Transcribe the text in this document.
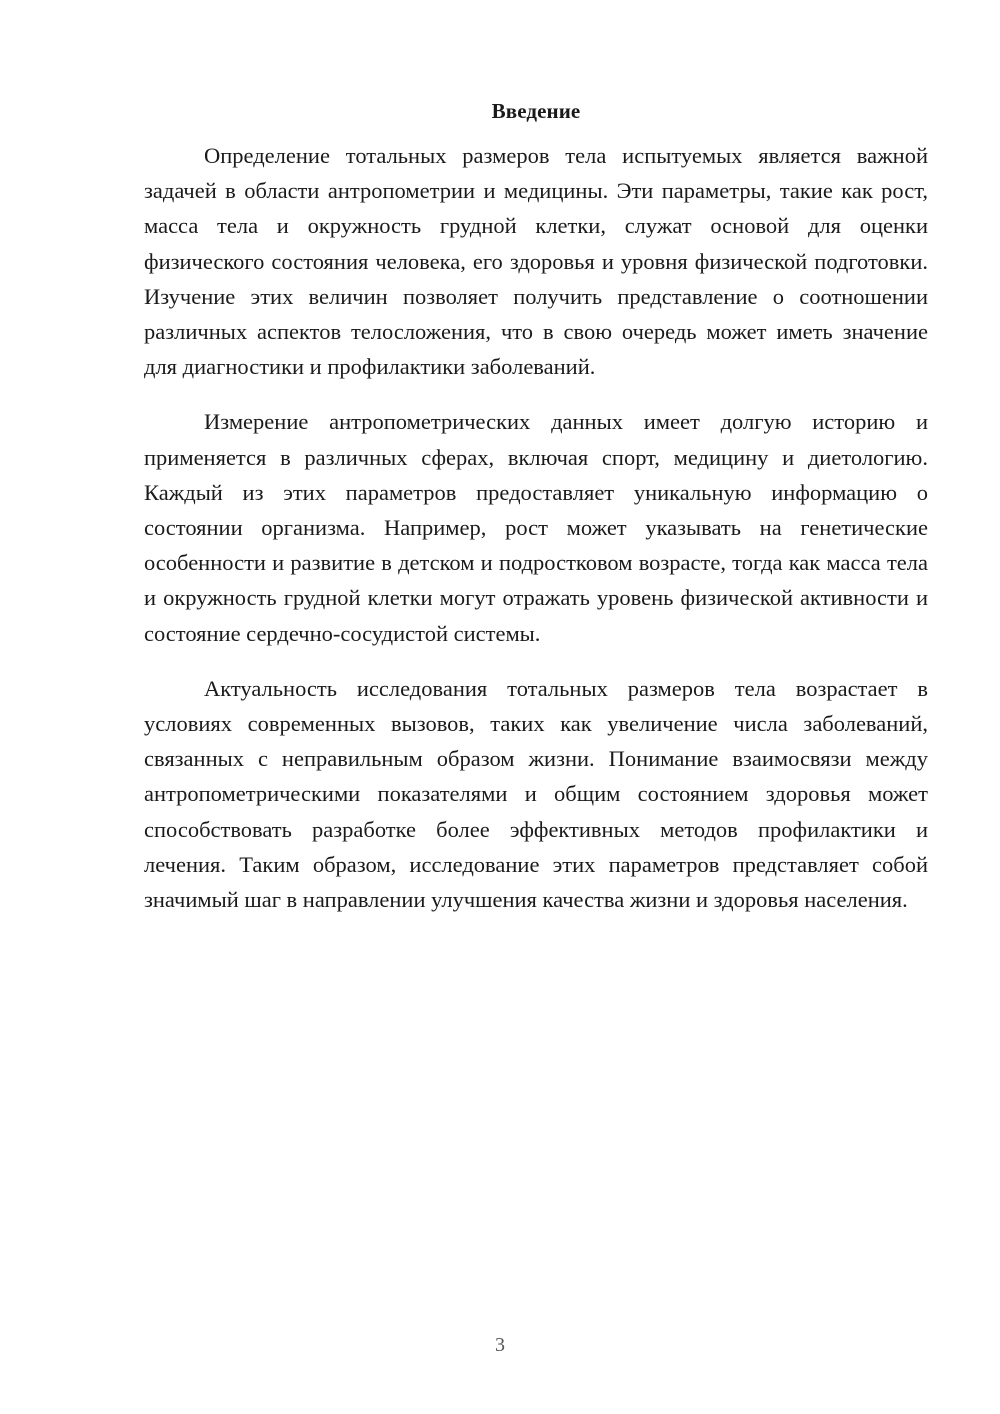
Введение

Определение тотальных размеров тела испытуемых является важной задачей в области антропометрии и медицины. Эти параметры, такие как рост, масса тела и окружность грудной клетки, служат основой для оценки физического состояния человека, его здоровья и уровня физической подготовки. Изучение этих величин позволяет получить представление о соотношении различных аспектов телосложения, что в свою очередь может иметь значение для диагностики и профилактики заболеваний.

Измерение антропометрических данных имеет долгую историю и применяется в различных сферах, включая спорт, медицину и диетологию. Каждый из этих параметров предоставляет уникальную информацию о состоянии организма. Например, рост может указывать на генетические особенности и развитие в детском и подростковом возрасте, тогда как масса тела и окружность грудной клетки могут отражать уровень физической активности и состояние сердечно-сосудистой системы.

Актуальность исследования тотальных размеров тела возрастает в условиях современных вызовов, таких как увеличение числа заболеваний, связанных с неправильным образом жизни. Понимание взаимосвязи между антропометрическими показателями и общим состоянием здоровья может способствовать разработке более эффективных методов профилактики и лечения. Таким образом, исследование этих параметров представляет собой значимый шаг в направлении улучшения качества жизни и здоровья населения.

3
